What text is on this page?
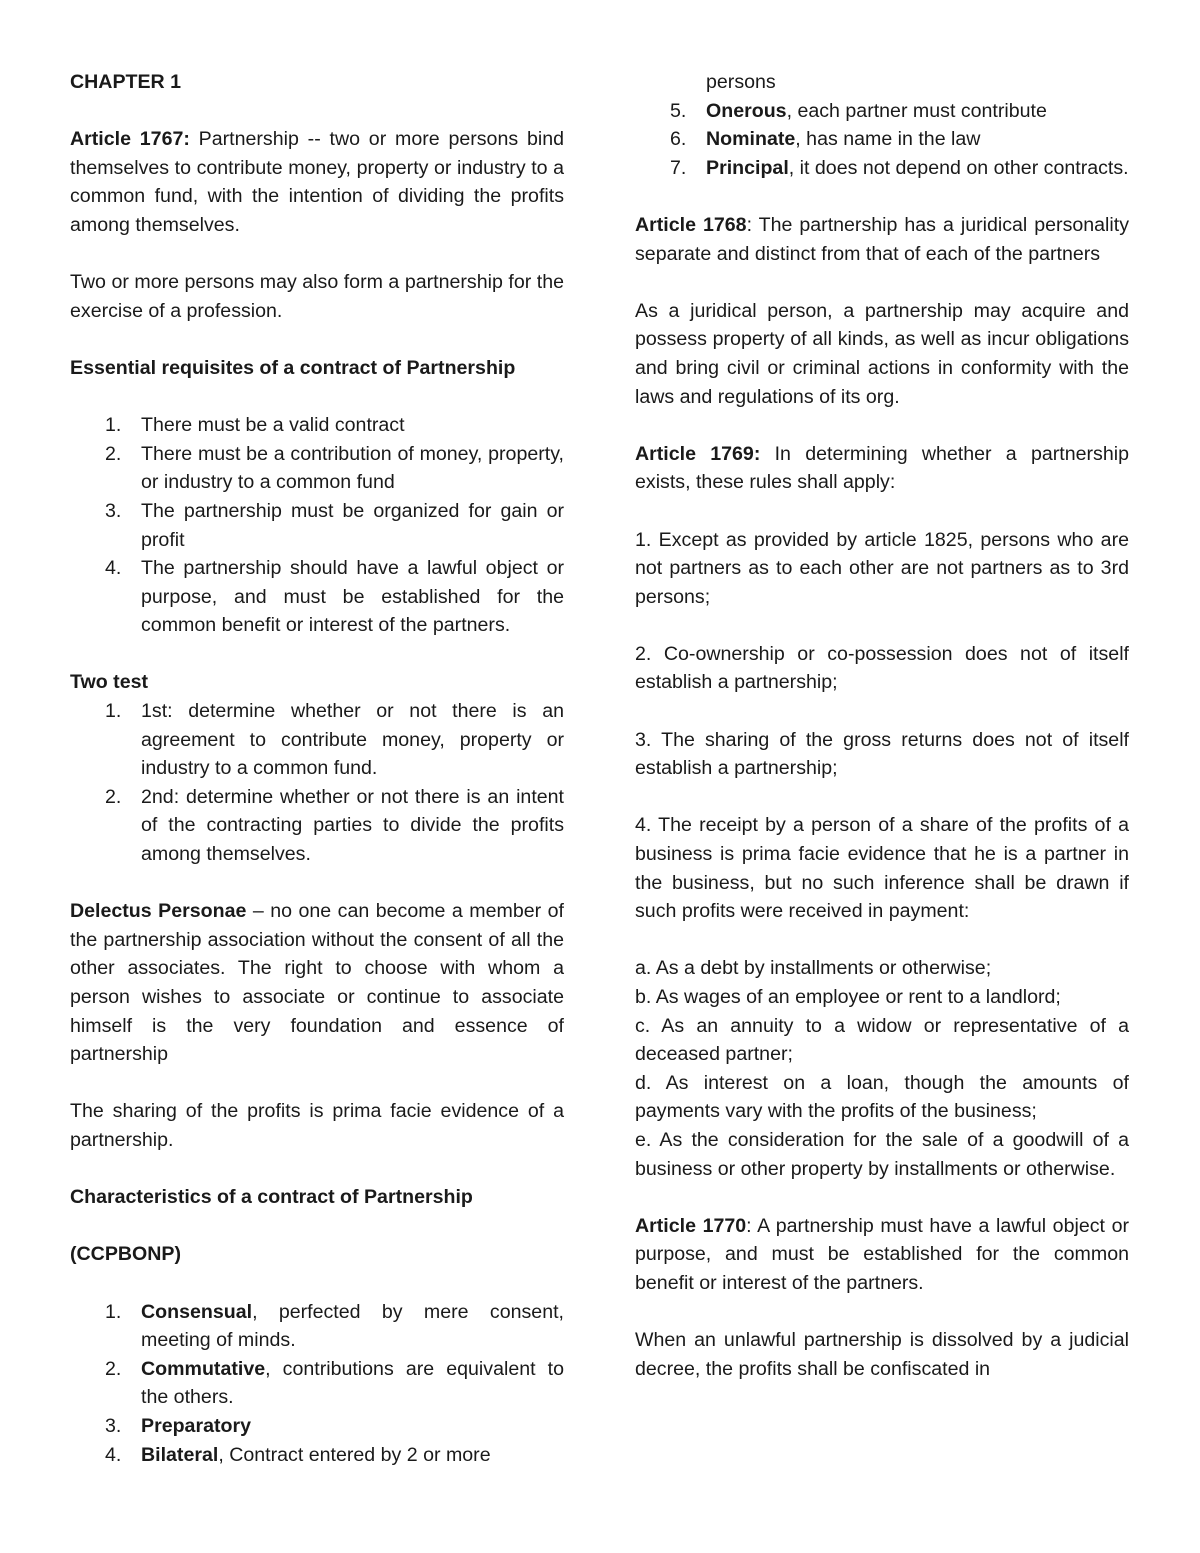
CHAPTER 1

Article 1767: Partnership -- two or more persons bind themselves to contribute money, property or industry to a common fund, with the intention of dividing the profits among themselves.

Two or more persons may also form a partnership for the exercise of a profession.

Essential requisites of a contract of Partnership
1.	There must be a valid contract
2.	There must be a contribution of money, property, or industry to a common fund
3.	The partnership must be organized for gain or profit
4.	The partnership should have a lawful object or purpose, and must be established for the common benefit or interest of the partners.
Two test
1.	1st: determine whether or not there is an agreement to contribute money, property or industry to a common fund.
2.	2nd: determine whether or not there is an intent of the contracting parties to divide the profits among themselves.

Delectus Personae – no one can become a member of the partnership association without the consent of all the other associates. The right to choose with whom a person wishes to associate or continue to associate himself is the very foundation and essence of partnership

The sharing of the profits is prima facie evidence of a partnership.

Characteristics of a contract of Partnership
(CCPBONP)
1.	Consensual, perfected by mere consent, meeting of minds.
2.	Commutative, contributions are equivalent to the others.
3.	Preparatory
4.	Bilateral, Contract entered by 2 or more
persons
5.	Onerous, each partner must contribute
6.	Nominate, has name in the law
7.	Principal, it does not depend on other contracts.

Article 1768: The partnership has a juridical personality separate and distinct from that of each of the partners

As a juridical person, a partnership may acquire and possess property of all kinds, as well as incur obligations and bring civil or criminal actions in conformity with the laws and regulations of its org.

Article 1769: In determining whether a partnership exists, these rules shall apply:

1. Except as provided by article 1825, persons who are not partners as to each other are not partners as to 3rd persons;

2. Co-ownership or co-possession does not of itself establish a partnership;

3. The sharing of the gross returns does not of itself establish a partnership;

4. The receipt by a person of a share of the profits of a business is prima facie evidence that he is a partner in the business, but no such inference shall be drawn if such profits were received in payment:

a. As a debt by installments or otherwise;
b. As wages of an employee or rent to a landlord;
c. As an annuity to a widow or representative of a deceased partner;
d. As interest on a loan, though the amounts of payments vary with the profits of the business;

e. As the consideration for the sale of a goodwill of a business or other property by installments or otherwise.

Article 1770: A partnership must have a lawful object or purpose, and must be established for the common benefit or interest of the partners.

When an unlawful partnership is dissolved by a judicial decree, the profits shall be confiscated in
